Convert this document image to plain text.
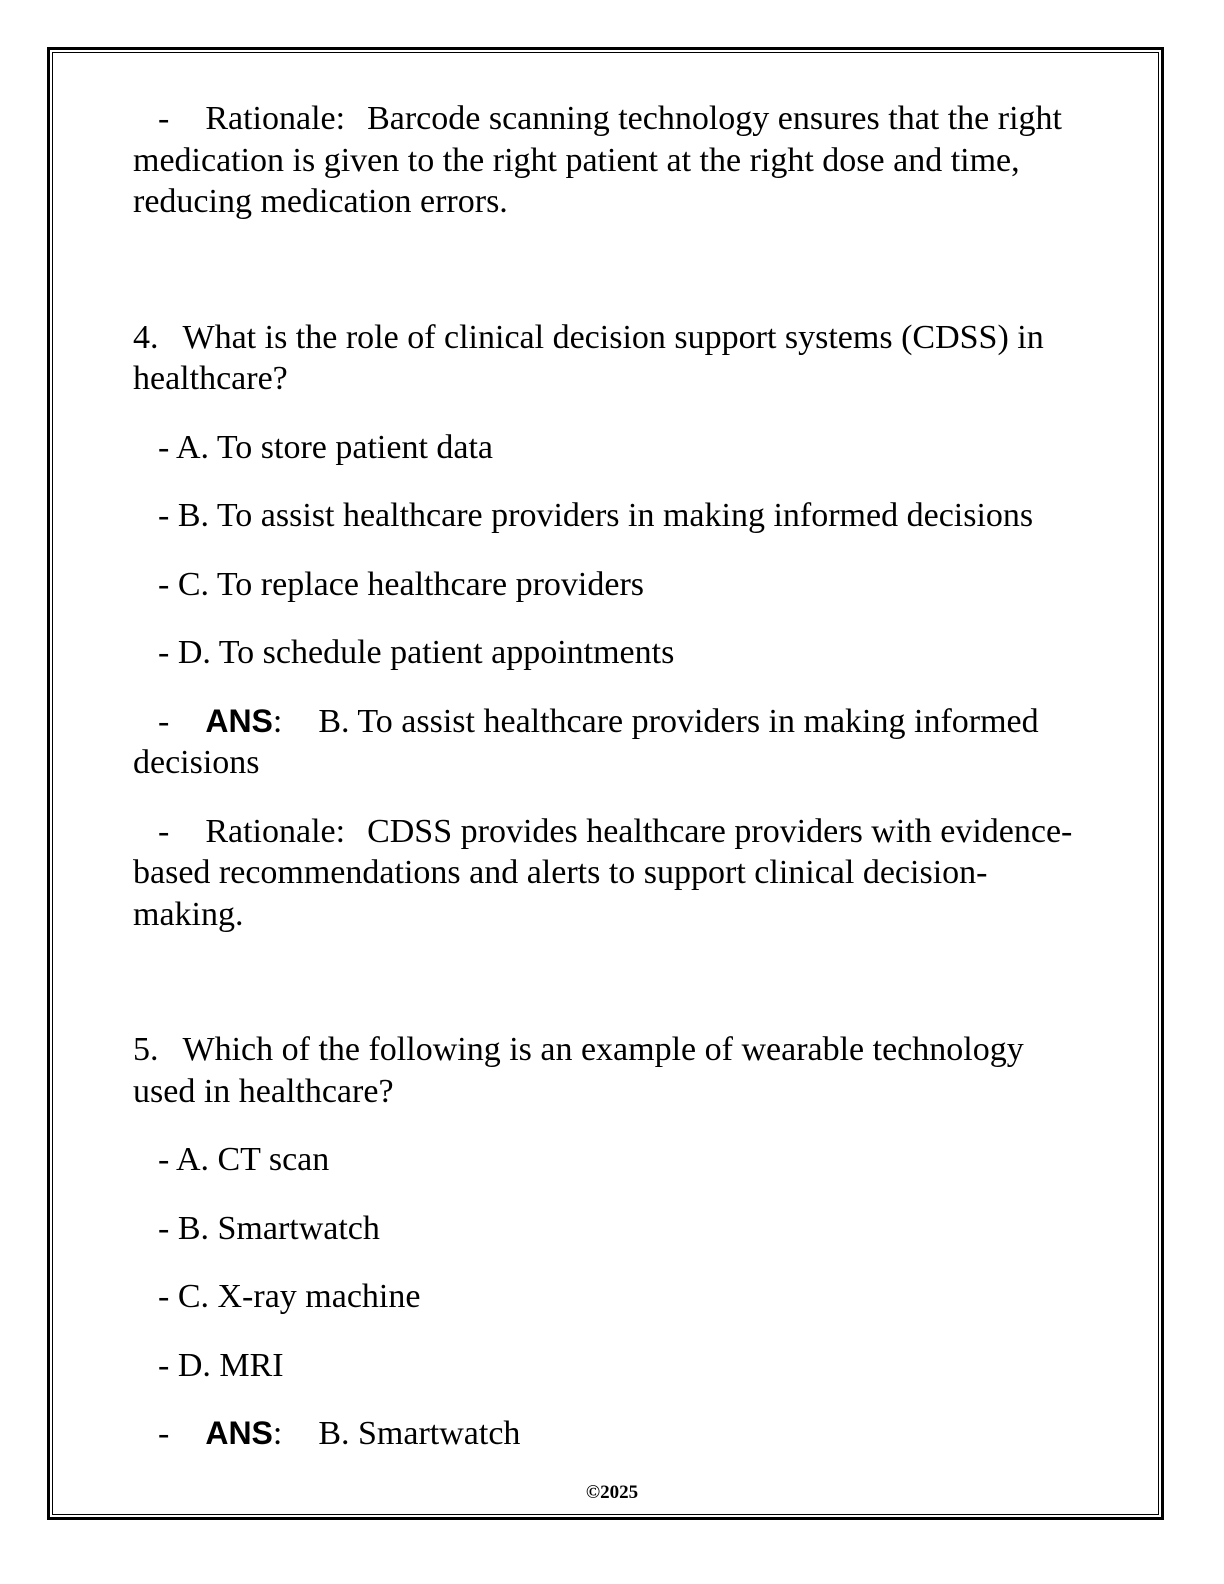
- Rationale: Barcode scanning technology ensures that the right medication is given to the right patient at the right dose and time, reducing medication errors.

4. What is the role of clinical decision support systems (CDSS) in healthcare?

- A. To store patient data

- B. To assist healthcare providers in making informed decisions

- C. To replace healthcare providers

- D. To schedule patient appointments

- ANS: B. To assist healthcare providers in making informed decisions

- Rationale: CDSS provides healthcare providers with evidence-based recommendations and alerts to support clinical decision-making.

5. Which of the following is an example of wearable technology used in healthcare?

- A. CT scan

- B. Smartwatch

- C. X-ray machine

- D. MRI

- ANS: B. Smartwatch

©2025
